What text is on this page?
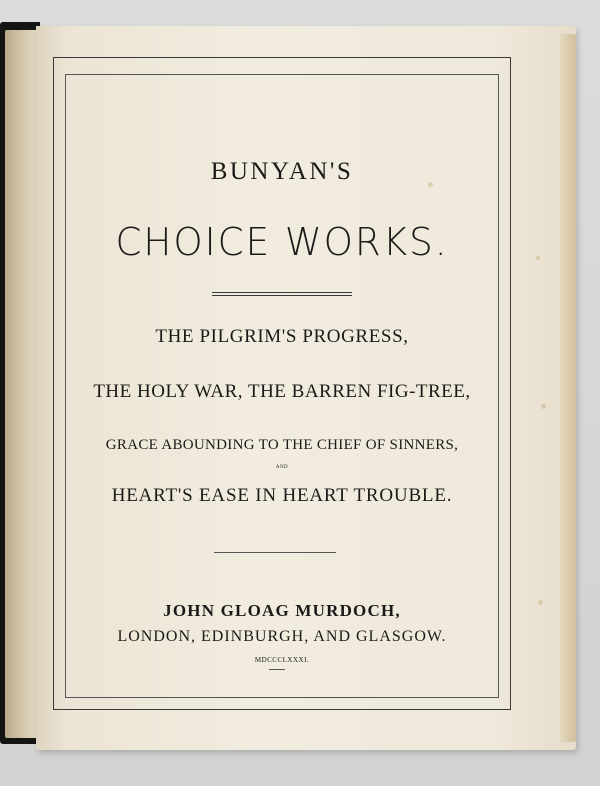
BUNYAN'S
CHOICE WORKS.
THE PILGRIM'S PROGRESS,
THE HOLY WAR, THE BARREN FIG-TREE,
GRACE ABOUNDING TO THE CHIEF OF SINNERS,
AND
HEART'S EASE IN HEART TROUBLE.
JOHN GLOAG MURDOCH,
LONDON, EDINBURGH, AND GLASGOW.
MDCCCLXXXI.
